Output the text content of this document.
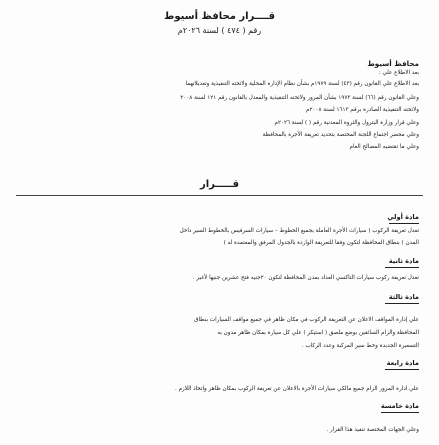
قــــرار محافظ أسيوط
رقم ( ٤٧٤ ) لسنة ٢٠٢٦م
محافظ أسيوط
بعد الاطلاع علي :
بعد الاطلاع علي القانون رقم (٤٣) لسنة ١٩٧٩م بشأن نظام الإدارة المحلية ولائحته التنفيذية وتعديلاتهما
وعلي القانون رقم (٦٦) لسنة ١٩٧٣ بشأن المرور ولائحته التنفيذية والمعدل بالقانون رقم ١٢١ لسنة ٢٠٠٨
ولائحته التنفيذية الصادرة برقم ١٦١٣ لسنة ٢٠٠٨م
وعلي قرار وزارة البترول والثروة المعدنية رقم ( ) لسنة ٢٠٢٦م
وعلي محضر اجتماع اللجنة المختصة بتحديد تعريفة الأجرة بالمحافظة
وعلي ما تقتضيه المصالح العام
قـــــرار
مادة أولي
تعدل تعريفة الركوب ( سيارات الأجرة العاملة بجميع الخطوط – سيارات السرفيس بالخطوط السير داخل
المدن ) بنطاق المحافظة لتكون وفقا للتعريفة الواردة بالجدول المرفق والمعتمدة له )
مادة ثانية
تعدل تعريفة ركوب سيارات التاكسي العداد بمدن المحافظة لتكون ٢٠جنيه فتح عشرين جنيها لأغير .
مادة ثالثة
علي إدارة المواقف الاعلان عن التعريفة الركوب في مكان ظاهر في جميع مواقف السيارات بنطاق
المحافظة والزام السائقين بوضع ملصق ( استيكر ) علي كل سيارة بمكان ظاهر مدون به
التسعيرة الجديدة وخط سير المركبة وعدد الركاب .
مادة رابعة
علي ادارة المرور الزام جميع مالكي سيارات الأجرة بالاعلان عن تعريفة الركوب بمكان ظاهر واتخاذ اللازم .
مادة خامسة
وعلي الجهات المختصة تنفيذ هذا القرار .
